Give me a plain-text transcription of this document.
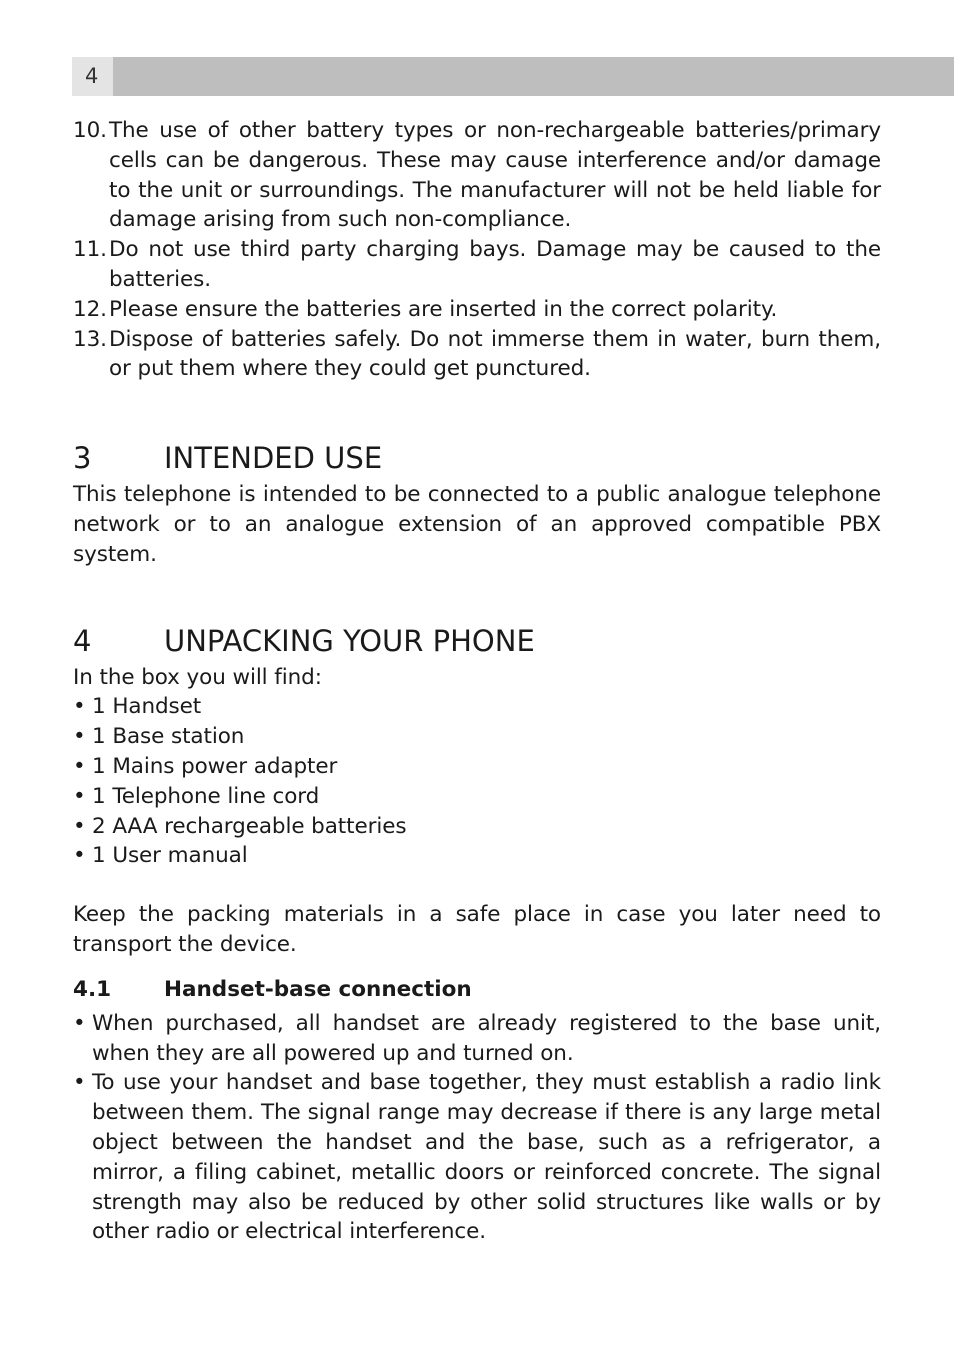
4
10. The use of other battery types or non-rechargeable batteries/primary cells can be dangerous. These may cause interference and/or damage to the unit or surroundings. The manufacturer will not be held liable for damage arising from such non-compliance.
11. Do not use third party charging bays. Damage may be caused to the batteries.
12. Please ensure the batteries are inserted in the correct polarity.
13. Dispose of batteries safely. Do not immerse them in water, burn them, or put them where they could get punctured.
3	INTENDED USE

This telephone is intended to be connected to a public analogue telephone network or to an analogue extension of an approved compatible PBX system.

4	UNPACKING YOUR PHONE

In the box you will find:

• 1 Handset
• 1 Base station
• 1 Mains power adapter
• 1 Telephone line cord
• 2 AAA rechargeable batteries
• 1 User manual

Keep the packing materials in a safe place in case you later need to transport the device.

4.1 Handset-base connection
• When purchased, all handset are already registered to the base unit, when they are all powered up and turned on.
• To use your handset and base together, they must establish a radio link between them. The signal range may decrease if there is any large metal object between the handset and the base, such as a refrigerator, a mirror, a filing cabinet, metallic doors or reinforced concrete. The signal strength may also be reduced by other solid structures like walls or by other radio or electrical interference.
